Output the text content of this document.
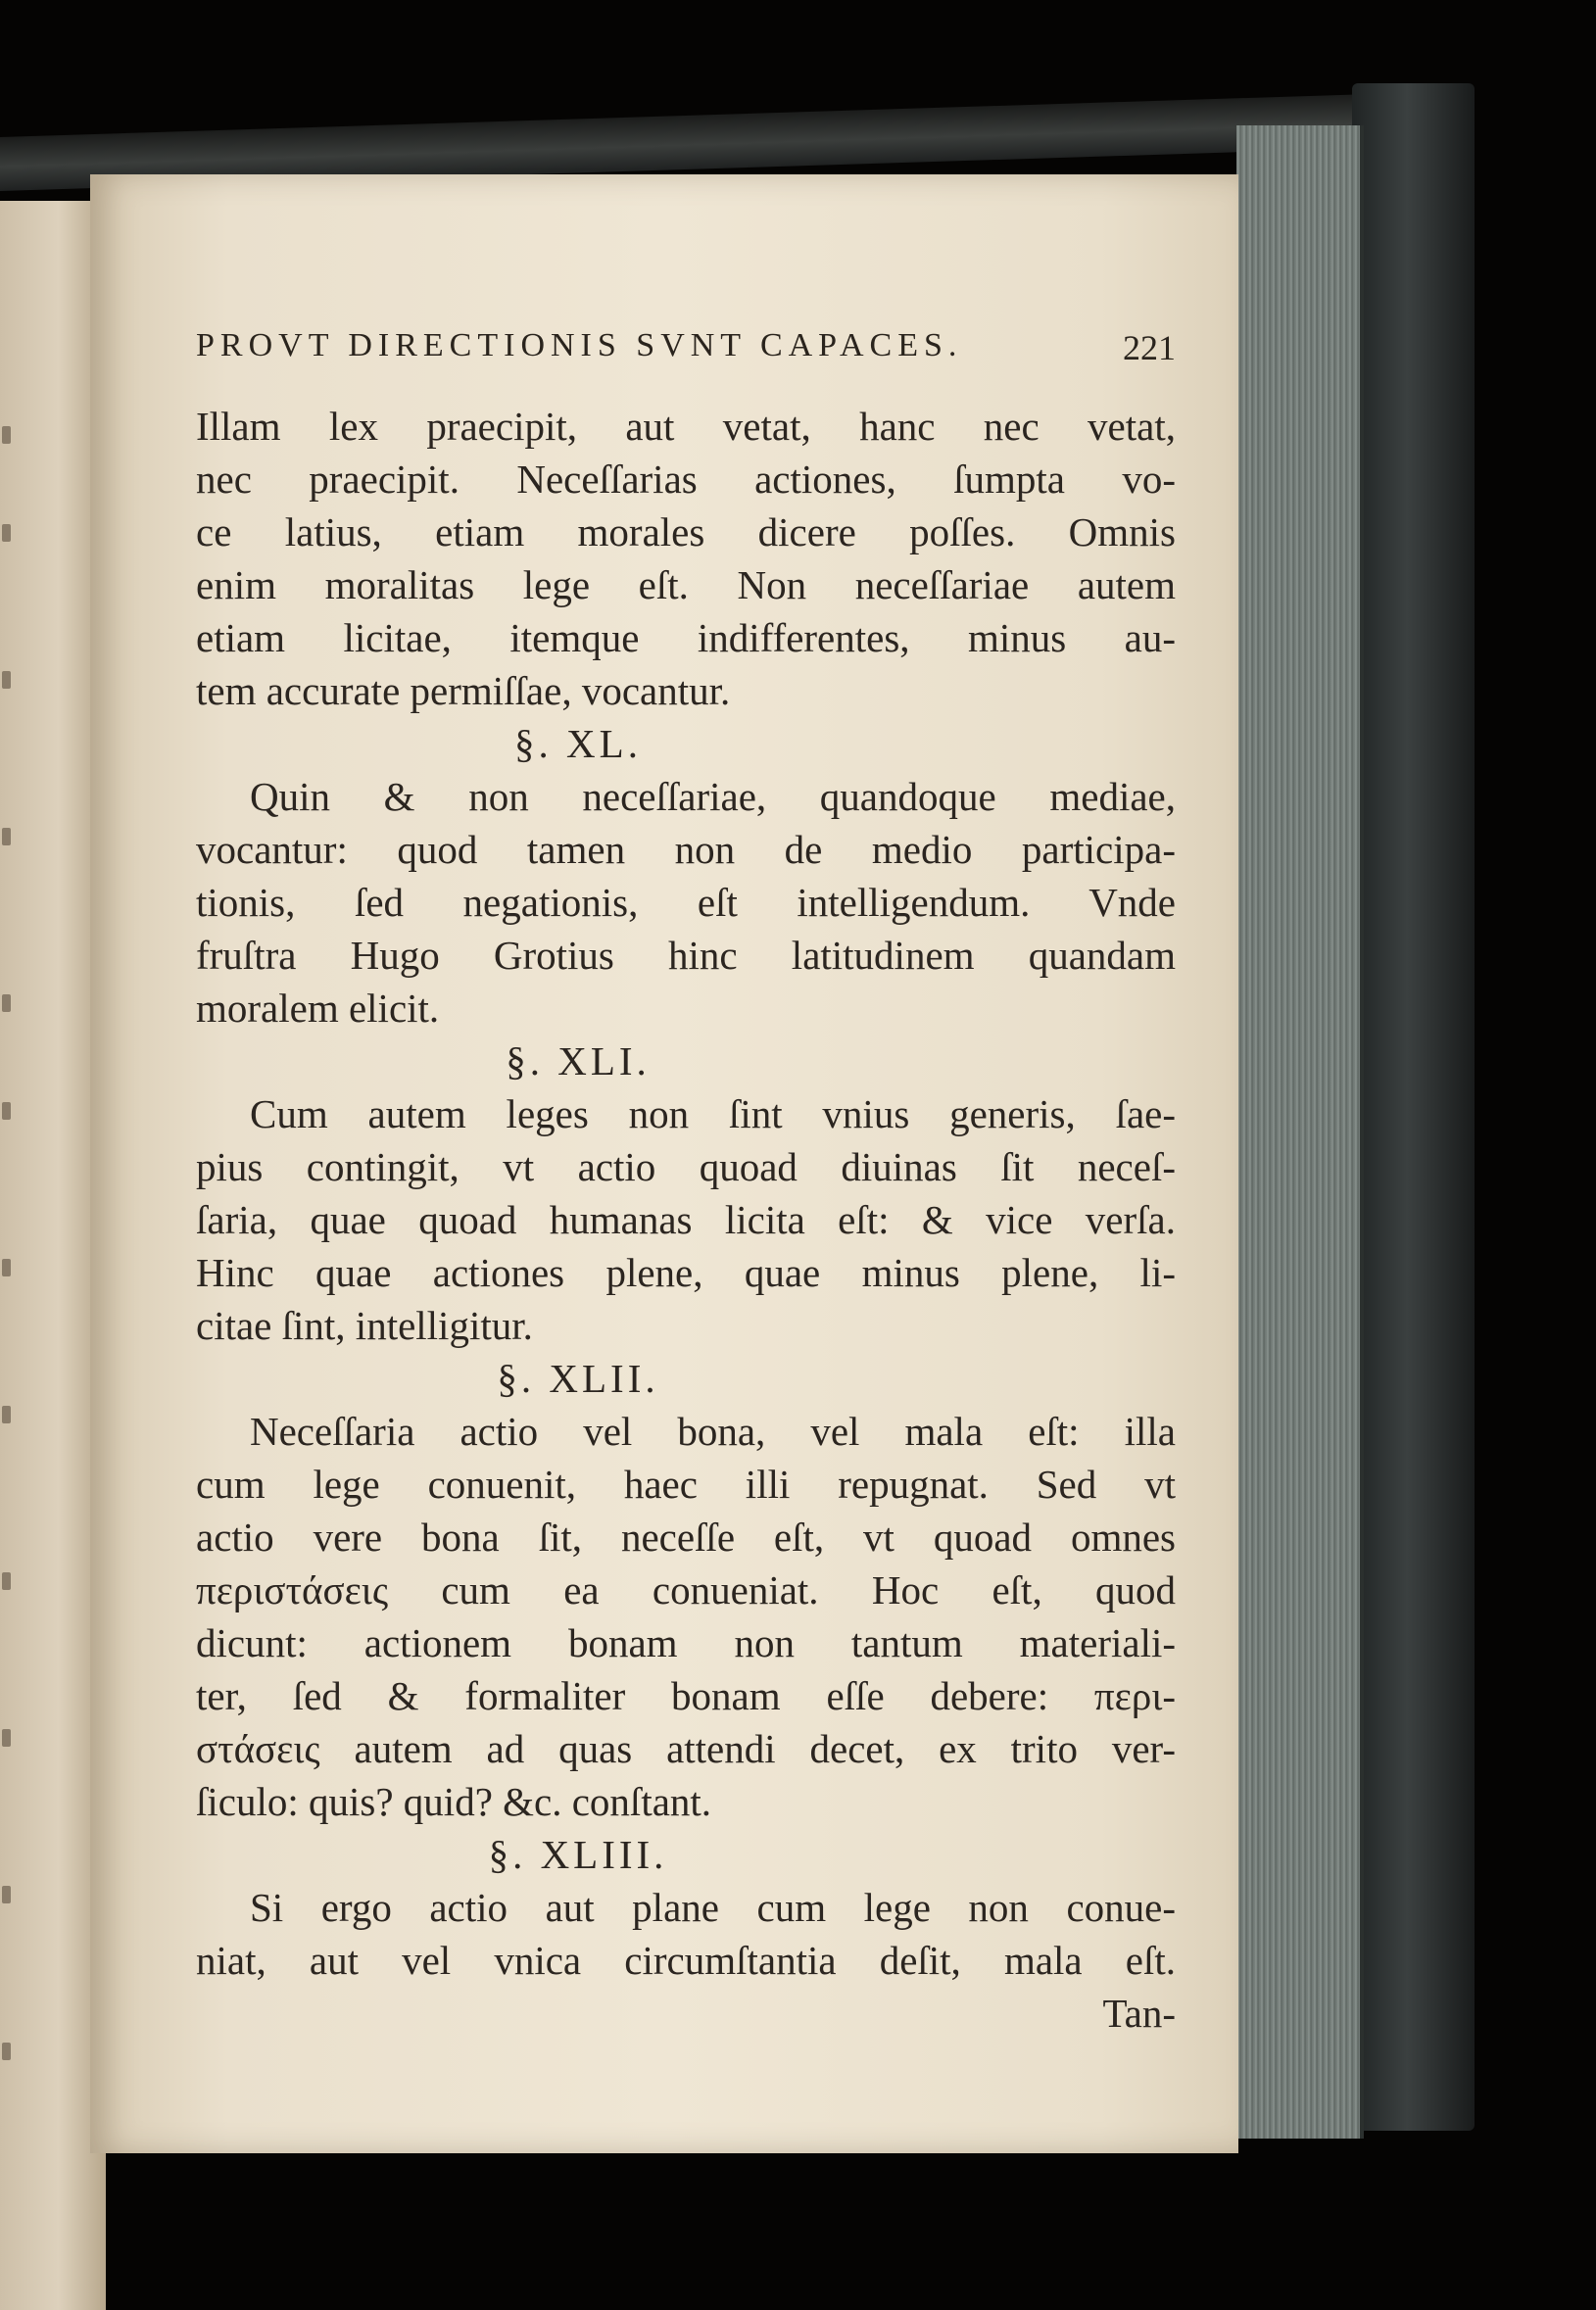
PROVT DIRECTIONIS SVNT CAPACES.	221
Illam lex praecipit, aut vetat, hanc nec vetat,
nec praecipit. Neceſſarias actiones, ſumpta vo-
ce latius, etiam morales dicere poſſes. Omnis
enim moralitas lege eſt. Non neceſſariae autem
etiam licitae, itemque indifferentes, minus au-
tem accurate permiſſae, vocantur.
§. XL.
Quin & non neceſſariae, quandoque mediae,
vocantur: quod tamen non de medio participa-
tionis, ſed negationis, eſt intelligendum. Vnde
fruſtra Hugo Grotius hinc latitudinem quandam
moralem elicit.
§. XLI.
Cum autem leges non ſint vnius generis, ſae-
pius contingit, vt actio quoad diuinas ſit neceſ-
ſaria, quae quoad humanas licita eſt: & vice verſa.
Hinc quae actiones plene, quae minus plene, li-
citae ſint, intelligitur.
§. XLII.
Neceſſaria actio vel bona, vel mala eſt: illa
cum lege conuenit, haec illi repugnat. Sed vt
actio vere bona ſit, neceſſe eſt, vt quoad omnes
περιστάσεις cum ea conueniat. Hoc eſt, quod
dicunt: actionem bonam non tantum materiali-
ter, ſed & formaliter bonam eſſe debere: περι-
στάσεις autem ad quas attendi decet, ex trito ver-
ſiculo: quis? quid? &c. conſtant.
§. XLIII.
Si ergo actio aut plane cum lege non conue-
niat, aut vel vnica circumſtantia deſit, mala eſt.
Tan-
